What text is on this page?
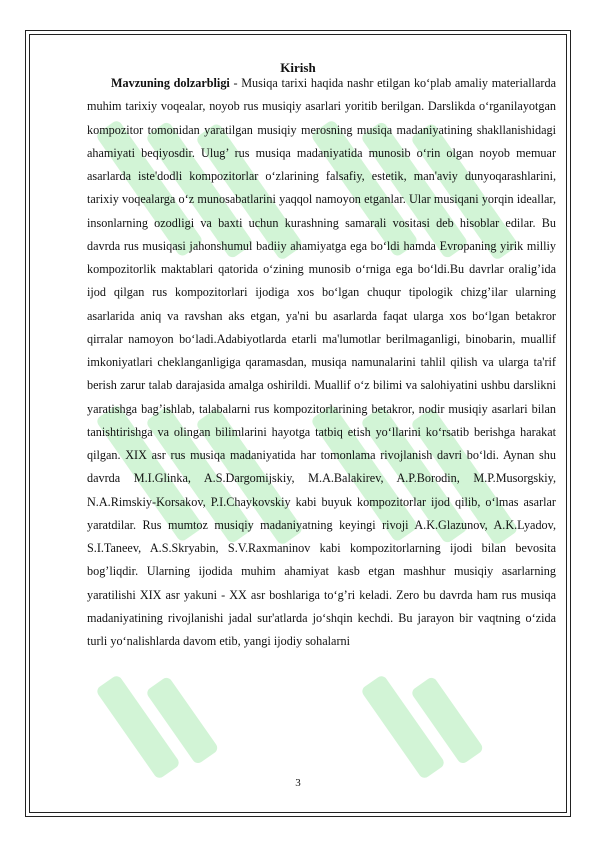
Kirish

Mavzuning dolzarbligi - Musiqa tarixi haqida nashr etilgan ko‘plab amaliy materiallarda muhim tarixiy voqealar, noyob rus musiqiy asarlari yoritib berilgan. Darslikda o‘rganilayotgan kompozitor tomonidan yaratilgan musiqiy merosning musiqa madaniyatining shakllanishidagi ahamiyati beqiyosdir. Ulug’ rus musiqa madaniyatida munosib o‘rin olgan noyob memuar asarlarda iste'dodli kompozitorlar o‘zlarining falsafiy, estetik, man'aviy dunyoqarashlarini, tarixiy voqealarga o‘z munosabatlarini yaqqol namoyon etganlar. Ular musiqani yorqin ideallar, insonlarning ozodligi va baxti uchun kurashning samarali vositasi deb hisoblar edilar. Bu davrda rus musiqasi jahonshumul badiiy ahamiyatga ega bo‘ldi hamda Evropaning yirik milliy kompozitorlik maktablari qatorida o‘zining munosib o‘rniga ega bo‘ldi.Bu davrlar oralig’ida ijod qilgan rus kompozitorlari ijodiga xos bo‘lgan chuqur tipologik chizg’ilar ularning asarlarida aniq va ravshan aks etgan, ya'ni bu asarlarda faqat ularga xos bo‘lgan betakror qirralar namoyon bo‘ladi.Adabiyotlarda etarli ma'lumotlar berilmaganligi, binobarin, muallif imkoniyatlari cheklanganligiga qaramasdan, musiqa namunalarini tahlil qilish va ularga ta'rif berish zarur talab darajasida amalga oshirildi. Muallif o‘z bilimi va salohiyatini ushbu darslikni yaratishga bag’ishlab, talabalarni rus kompozitorlarining betakror, nodir musiqiy asarlari bilan tanishtirishga va olingan bilimlarini hayotga tatbiq etish yo‘llarini ko‘rsatib berishga harakat qilgan. XIX asr rus musiqa madaniyatida har tomonlama rivojlanish davri bo‘ldi. Aynan shu davrda M.I.Glinka, A.S.Dargomijskiy, M.A.Balakirev, A.P.Borodin, M.P.Musorgskiy, N.A.Rimskiy-Korsakov, P.I.Chaykovskiy kabi buyuk kompozitorlar ijod qilib, o‘lmas asarlar yaratdilar. Rus mumtoz musiqiy madaniyatning keyingi rivoji A.K.Glazunov, A.K.Lyadov, S.I.Taneev, A.S.Skryabin, S.V.Raxmaninov kabi kompozitorlarning ijodi bilan bevosita bog’liqdir. Ularning ijodida muhim ahamiyat kasb etgan mashhur musiqiy asarlarning yaratilishi XIX asr yakuni - XX asr boshlariga to‘g’ri keladi. Zero bu davrda ham rus musiqa madaniyatining rivojlanishi jadal sur'atlarda jo‘shqin kechdi. Bu jarayon bir vaqtning o‘zida turli yo‘nalishlarda davom etib, yangi ijodiy sohalarni

3
